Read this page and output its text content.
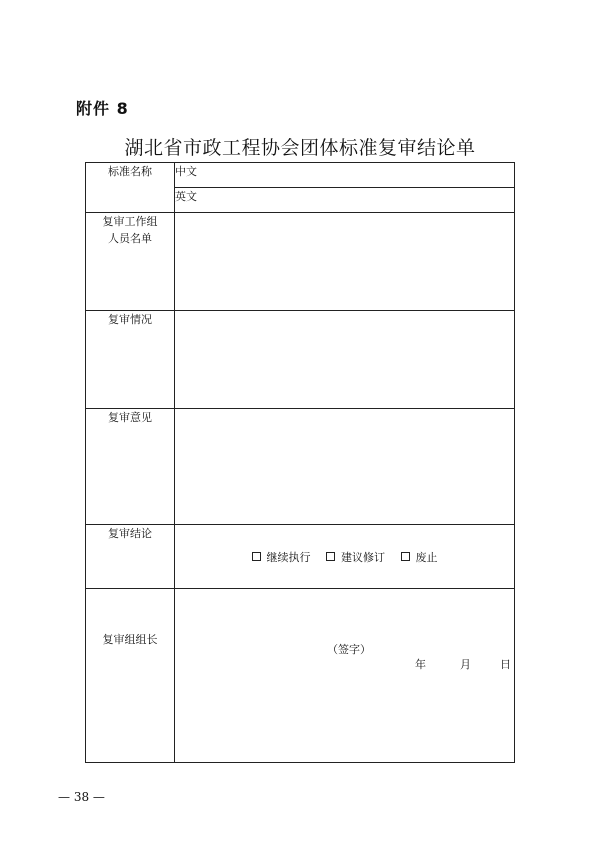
附件 8
湖北省市政工程协会团体标准复审结论单
标准名称	中文
	英文

复审工作组
人员名单	

复审情况	
复审意见	
复审结论	继续执行 建议修订 废止
复审组组长	（签字）
年 月 日
— 38 —
